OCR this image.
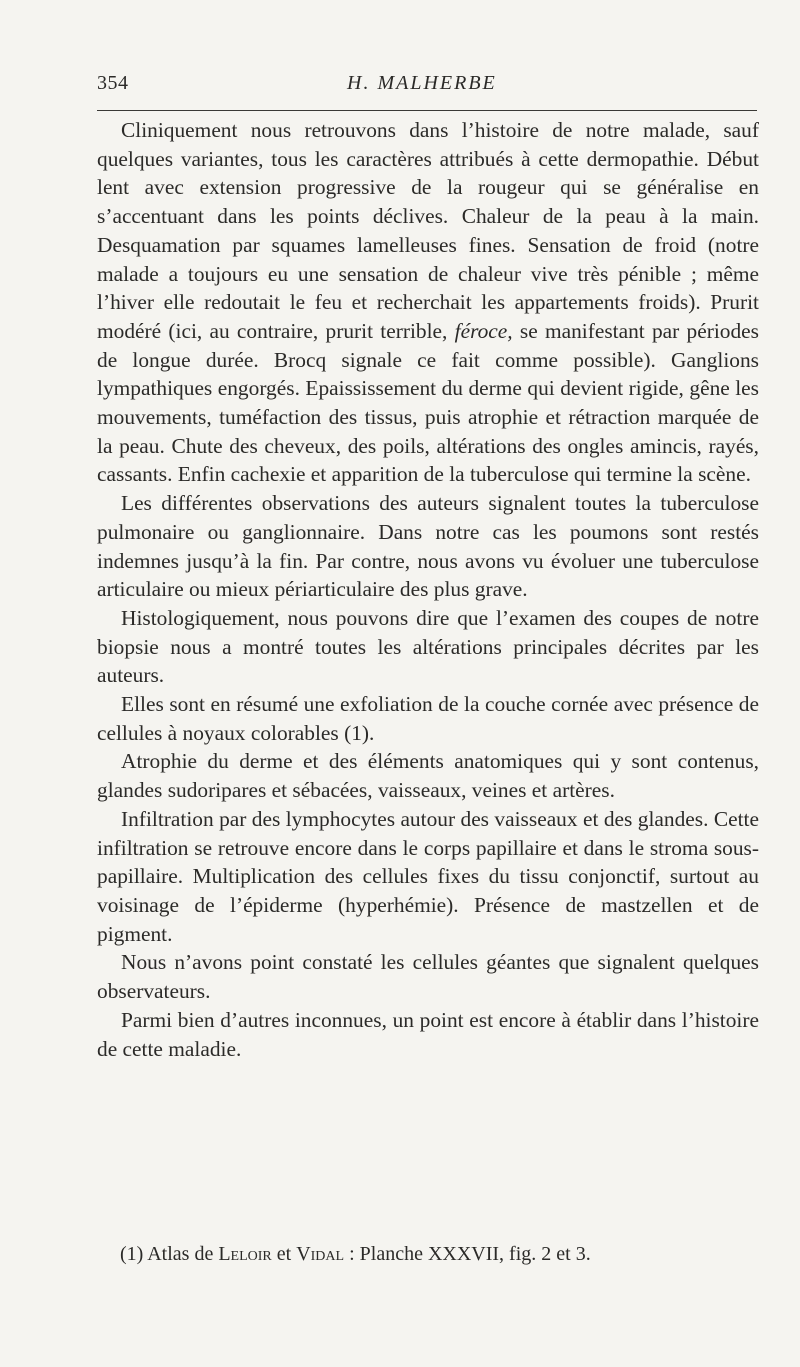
354	H. MALHERBE

Cliniquement nous retrouvons dans l’histoire de notre malade, sauf quelques variantes, tous les caractères attribués à cette dermopathie. Début lent avec extension progressive de la rougeur qui se généralise en s’accentuant dans les points déclives. Chaleur de la peau à la main. Desquamation par squames lamelleuses fines. Sensation de froid (notre malade a toujours eu une sensation de chaleur vive très pénible ; même l’hiver elle redoutait le feu et recherchait les appartements froids). Prurit modéré (ici, au contraire, prurit terrible, féroce, se manifestant par périodes de longue durée. Brocq signale ce fait comme possible). Ganglions lympathiques engorgés. Epaississement du derme qui devient rigide, gêne les mouvements, tuméfaction des tissus, puis atrophie et rétraction marquée de la peau. Chute des cheveux, des poils, altérations des ongles amincis, rayés, cassants. Enfin cachexie et apparition de la tuberculose qui termine la scène.

Les différentes observations des auteurs signalent toutes la tuberculose pulmonaire ou ganglionnaire. Dans notre cas les poumons sont restés indemnes jusqu’à la fin. Par contre, nous avons vu évoluer une tuberculose articulaire ou mieux périarticulaire des plus grave.

Histologiquement, nous pouvons dire que l’examen des coupes de notre biopsie nous a montré toutes les altérations principales décrites par les auteurs.

Elles sont en résumé une exfoliation de la couche cornée avec présence de cellules à noyaux colorables (1).

Atrophie du derme et des éléments anatomiques qui y sont contenus, glandes sudoripares et sébacées, vaisseaux, veines et artères.

Infiltration par des lymphocytes autour des vaisseaux et des glandes. Cette infiltration se retrouve encore dans le corps papillaire et dans le stroma sous-papillaire. Multiplication des cellules fixes du tissu conjonctif, surtout au voisinage de l’épiderme (hyperhémie). Présence de mastzellen et de pigment.

Nous n’avons point constaté les cellules géantes que signalent quelques observateurs.

Parmi bien d’autres inconnues, un point est encore à établir dans l’histoire de cette maladie.

(1) Atlas de Leloir et Vidal : Planche XXXVII, fig. 2 et 3.
